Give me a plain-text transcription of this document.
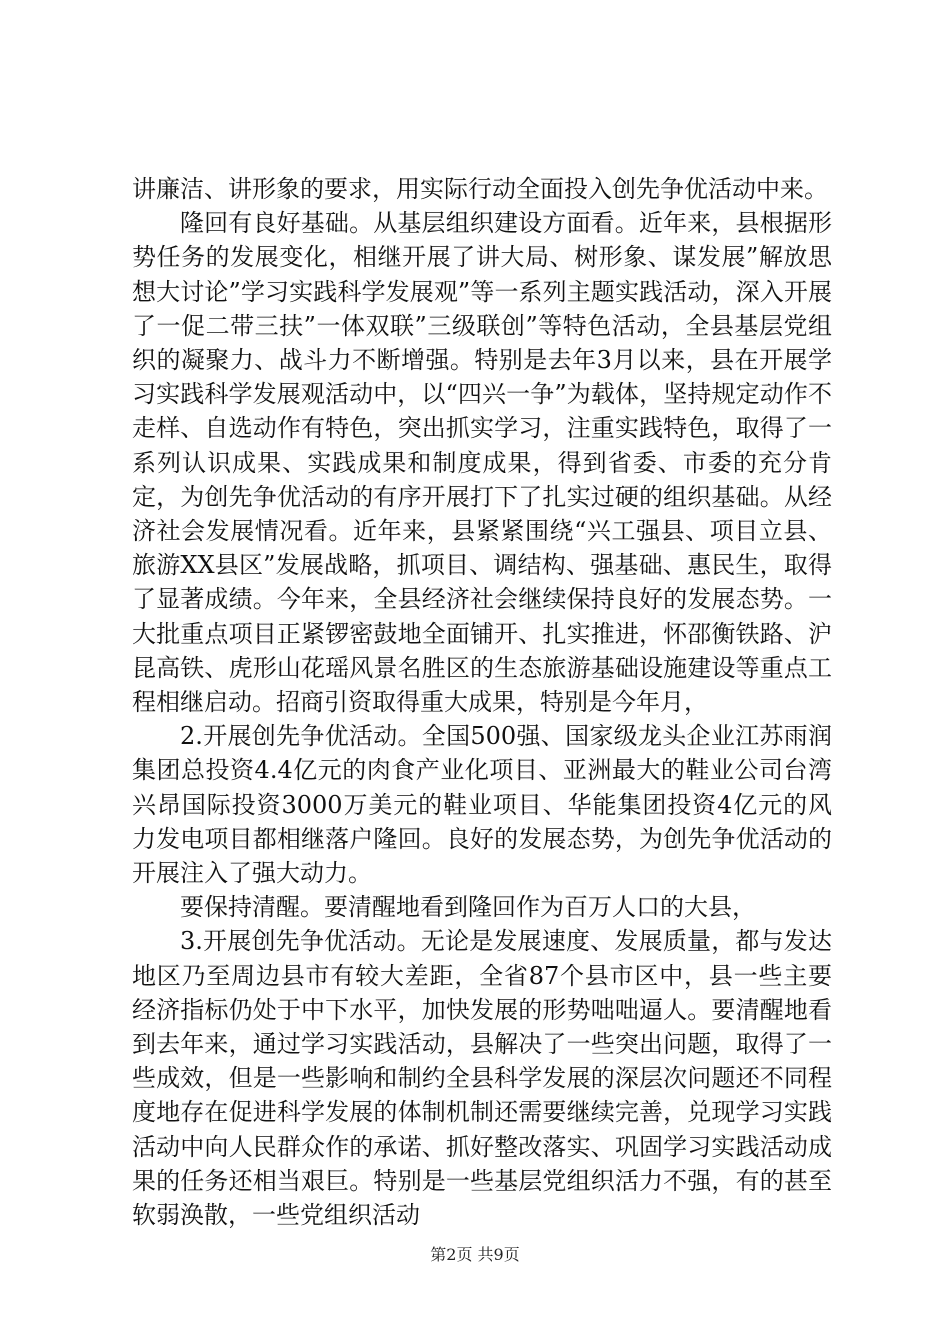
讲廉洁、讲形象的要求，用实际行动全面投入创先争优活动中来。

隆回有良好基础。从基层组织建设方面看。近年来，县根据形势任务的发展变化，相继开展了讲大局、树形象、谋发展”解放思想大讨论”学习实践科学发展观”等一系列主题实践活动，深入开展了一促二带三扶”一体双联”三级联创”等特色活动，全县基层党组织的凝聚力、战斗力不断增强。特别是去年3月以来，县在开展学习实践科学发展观活动中，以“四兴一争”为载体，坚持规定动作不走样、自选动作有特色，突出抓实学习，注重实践特色，取得了一系列认识成果、实践成果和制度成果，得到省委、市委的充分肯定，为创先争优活动的有序开展打下了扎实过硬的组织基础。从经济社会发展情况看。近年来，县紧紧围绕“兴工强县、项目立县、旅游XX县区”发展战略，抓项目、调结构、强基础、惠民生，取得了显著成绩。今年来，全县经济社会继续保持良好的发展态势。一大批重点项目正紧锣密鼓地全面铺开、扎实推进，怀邵衡铁路、沪昆高铁、虎形山花瑶风景名胜区的生态旅游基础设施建设等重点工程相继启动。招商引资取得重大成果，特别是今年月，

2.开展创先争优活动。全国500强、国家级龙头企业江苏雨润集团总投资4.4亿元的肉食产业化项目、亚洲最大的鞋业公司台湾兴昂国际投资3000万美元的鞋业项目、华能集团投资4亿元的风力发电项目都相继落户隆回。良好的发展态势，为创先争优活动的开展注入了强大动力。

要保持清醒。要清醒地看到隆回作为百万人口的大县，

3.开展创先争优活动。无论是发展速度、发展质量，都与发达地区乃至周边县市有较大差距，全省87个县市区中，县一些主要经济指标仍处于中下水平，加快发展的形势咄咄逼人。要清醒地看到去年来，通过学习实践活动，县解决了一些突出问题，取得了一些成效，但是一些影响和制约全县科学发展的深层次问题还不同程度地存在促进科学发展的体制机制还需要继续完善，兑现学习实践活动中向人民群众作的承诺、抓好整改落实、巩固学习实践活动成果的任务还相当艰巨。特别是一些基层党组织活力不强，有的甚至软弱涣散，一些党组织活动

第2页 共9页
